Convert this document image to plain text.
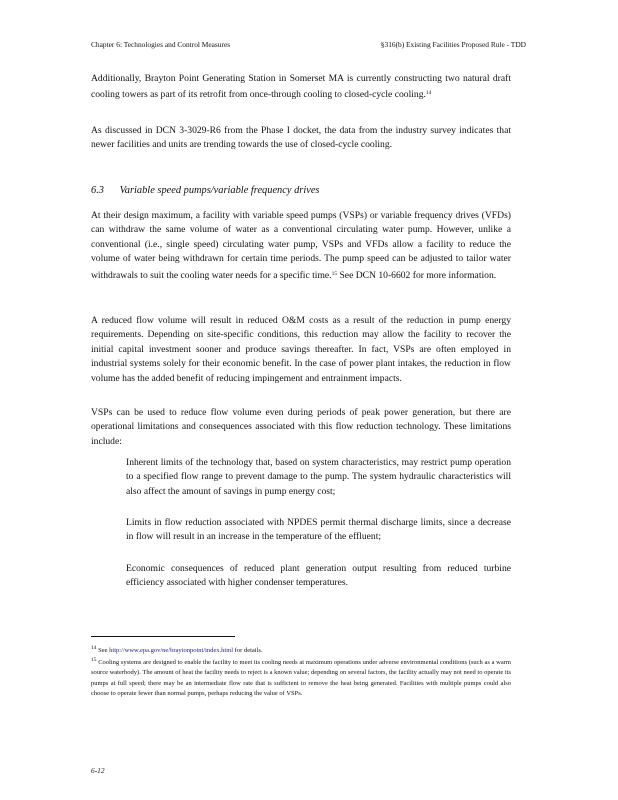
Chapter 6: Technologies and Control Measures	§316(b) Existing Facilities Proposed Rule - TDD
Additionally, Brayton Point Generating Station in Somerset MA is currently constructing two natural draft cooling towers as part of its retrofit from once-through cooling to closed-cycle cooling.$^{14}$
As discussed in DCN 3-3029-R6 from the Phase I docket, the data from the industry survey indicates that newer facilities and units are trending towards the use of closed-cycle cooling.
6.3 Variable speed pumps/variable frequency drives
At their design maximum, a facility with variable speed pumps (VSPs) or variable frequency drives (VFDs) can withdraw the same volume of water as a conventional circulating water pump. However, unlike a conventional (i.e., single speed) circulating water pump, VSPs and VFDs allow a facility to reduce the volume of water being withdrawn for certain time periods. The pump speed can be adjusted to tailor water withdrawals to suit the cooling water needs for a specific time.$^{15}$ See DCN 10-6602 for more information.
A reduced flow volume will result in reduced O&M costs as a result of the reduction in pump energy requirements. Depending on site-specific conditions, this reduction may allow the facility to recover the initial capital investment sooner and produce savings thereafter. In fact, VSPs are often employed in industrial systems solely for their economic benefit. In the case of power plant intakes, the reduction in flow volume has the added benefit of reducing impingement and entrainment impacts.
VSPs can be used to reduce flow volume even during periods of peak power generation, but there are operational limitations and consequences associated with this flow reduction technology. These limitations include:
Inherent limits of the technology that, based on system characteristics, may restrict pump operation to a specified flow range to prevent damage to the pump. The system hydraulic characteristics will also affect the amount of savings in pump energy cost;
Limits in flow reduction associated with NPDES permit thermal discharge limits, since a decrease in flow will result in an increase in the temperature of the effluent;
Economic consequences of reduced plant generation output resulting from reduced turbine efficiency associated with higher condenser temperatures.
$^{14}$ See http://www.epa.gov/ne/braytonpoint/index.html for details.
$^{15}$ Cooling systems are designed to enable the facility to meet its cooling needs at maximum operations under adverse environmental conditions (such as a warm source waterbody). The amount of heat the facility needs to reject is a known value; depending on several factors, the facility actually may not need to operate its pumps at full speed; there may be an intermediate flow rate that is sufficient to remove the heat being generated. Facilities with multiple pumps could also choose to operate fewer than normal pumps, perhaps reducing the value of VSPs.
6-12
